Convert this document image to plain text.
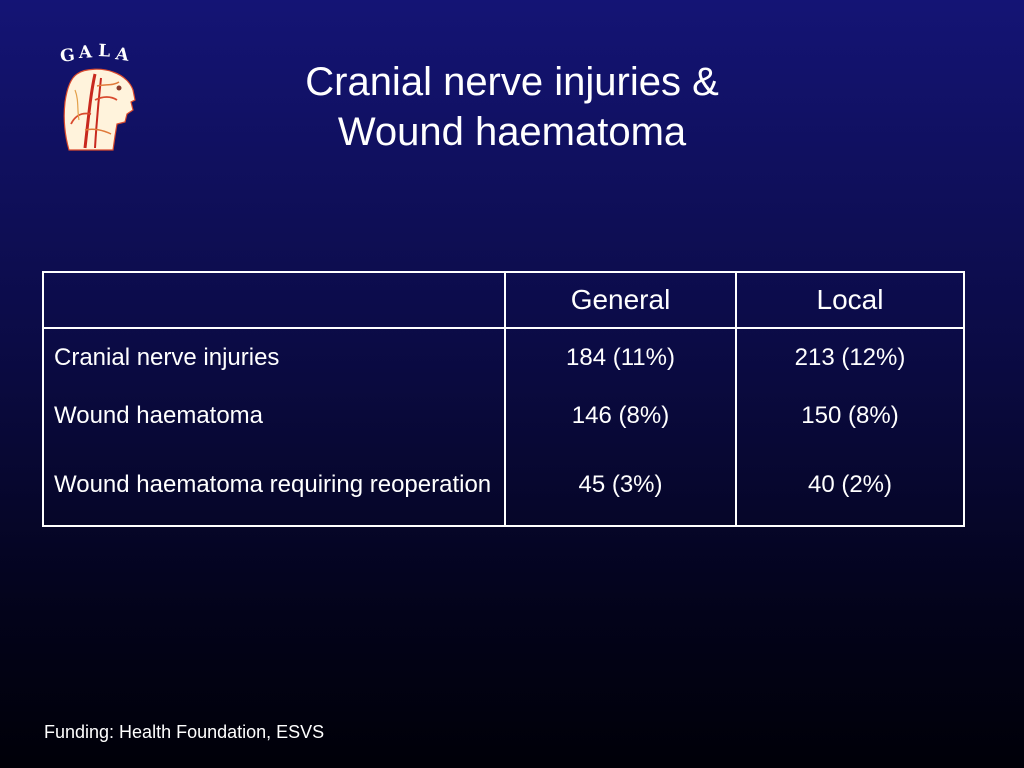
G A L A
Cranial nerve injuries &
Wound haematoma
	General	Local
Cranial nerve injuries	184 (11%)	213 (12%)
Wound haematoma	146 (8%)	150 (8%)
Wound haematoma requiring reoperation	45 (3%)	40 (2%)
Funding: Health Foundation, ESVS
